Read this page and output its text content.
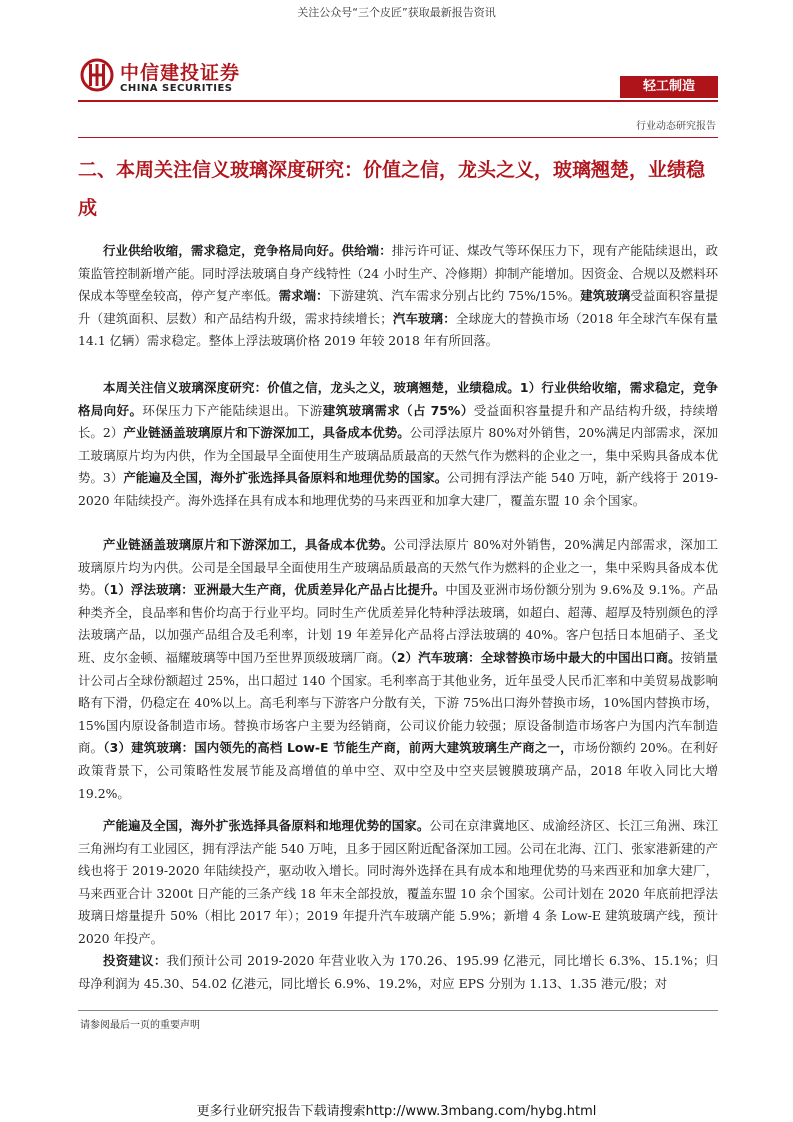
关注公众号“三个皮匠”获取最新报告资讯
中信建投证券
CHINA SECURITIES	轻工制造
行业动态研究报告
二、本周关注信义玻璃深度研究：价值之信，龙头之义，玻璃翘楚，业绩稳成

行业供给收缩，需求稳定，竞争格局向好。供给端：排污许可证、煤改气等环保压力下，现有产能陆续退出，政策监管控制新增产能。同时浮法玻璃自身产线特性（24 小时生产、冷修期）抑制产能增加。因资金、合规以及燃料环保成本等壁垒较高，停产复产率低。需求端：下游建筑、汽车需求分别占比约 75%/15%。建筑玻璃受益面积容量提升（建筑面积、层数）和产品结构升级，需求持续增长；汽车玻璃：全球庞大的替换市场（2018 年全球汽车保有量 14.1 亿辆）需求稳定。整体上浮法玻璃价格 2019 年较 2018 年有所回落。

本周关注信义玻璃深度研究：价值之信，龙头之义，玻璃翘楚，业绩稳成。1）行业供给收缩，需求稳定，竞争格局向好。环保压力下产能陆续退出。下游建筑玻璃需求（占 75%）受益面积容量提升和产品结构升级，持续增长。2）产业链涵盖玻璃原片和下游深加工，具备成本优势。公司浮法原片 80%对外销售，20%满足内部需求，深加工玻璃原片均为内供，作为全国最早全面使用生产玻璃品质最高的天然气作为燃料的企业之一，集中采购具备成本优势。3）产能遍及全国，海外扩张选择具备原料和地理优势的国家。公司拥有浮法产能 540 万吨，新产线将于 2019-2020 年陆续投产。海外选择在具有成本和地理优势的马来西亚和加拿大建厂，覆盖东盟 10 余个国家。

产业链涵盖玻璃原片和下游深加工，具备成本优势。公司浮法原片 80%对外销售，20%满足内部需求，深加工玻璃原片均为内供。公司是全国最早全面使用生产玻璃品质最高的天然气作为燃料的企业之一，集中采购具备成本优势。（1）浮法玻璃：亚洲最大生产商，优质差异化产品占比提升。中国及亚洲市场份额分别为 9.6%及 9.1%。产品种类齐全，良品率和售价均高于行业平均。同时生产优质差异化特种浮法玻璃，如超白、超薄、超厚及特别颜色的浮法玻璃产品，以加强产品组合及毛利率，计划 19 年差异化产品将占浮法玻璃的 40%。客户包括日本旭硝子、圣戈班、皮尔金顿、福耀玻璃等中国乃至世界顶级玻璃厂商。（2）汽车玻璃：全球替换市场中最大的中国出口商。按销量计公司占全球份额超过 25%，出口超过 140 个国家。毛利率高于其他业务，近年虽受人民币汇率和中美贸易战影响略有下滑，仍稳定在 40%以上。高毛利率与下游客户分散有关，下游 75%出口海外替换市场，10%国内替换市场，15%国内原设备制造市场。替换市场客户主要为经销商，公司议价能力较强；原设备制造市场客户为国内汽车制造商。（3）建筑玻璃：国内领先的高档 Low-E 节能生产商，前两大建筑玻璃生产商之一，市场份额约 20%。在利好政策背景下，公司策略性发展节能及高增值的单中空、双中空及中空夹层镀膜玻璃产品，2018 年收入同比大增 19.2%。

产能遍及全国，海外扩张选择具备原料和地理优势的国家。公司在京津冀地区、成渝经济区、长江三角洲、珠江三角洲均有工业园区，拥有浮法产能 540 万吨，且多于园区附近配备深加工园。公司在北海、江门、张家港新建的产线也将于 2019-2020 年陆续投产，驱动收入增长。同时海外选择在具有成本和地理优势的马来西亚和加拿大建厂，马来西亚合计 3200t 日产能的三条产线 18 年末全部投放，覆盖东盟 10 余个国家。公司计划在 2020 年底前把浮法玻璃日熔量提升 50%（相比 2017 年）；2019 年提升汽车玻璃产能 5.9%；新增 4 条 Low-E 建筑玻璃产线，预计 2020 年投产。

投资建议：我们预计公司 2019-2020 年营业收入为 170.26、195.99 亿港元，同比增长 6.3%、15.1%；归母净利润为 45.30、54.02 亿港元，同比增长 6.9%、19.2%，对应 EPS 分别为 1.13、1.35 港元/股；对

请参阅最后一页的重要声明
更多行业研究报告下载请搜索http://www.3mbang.com/hybg.html
